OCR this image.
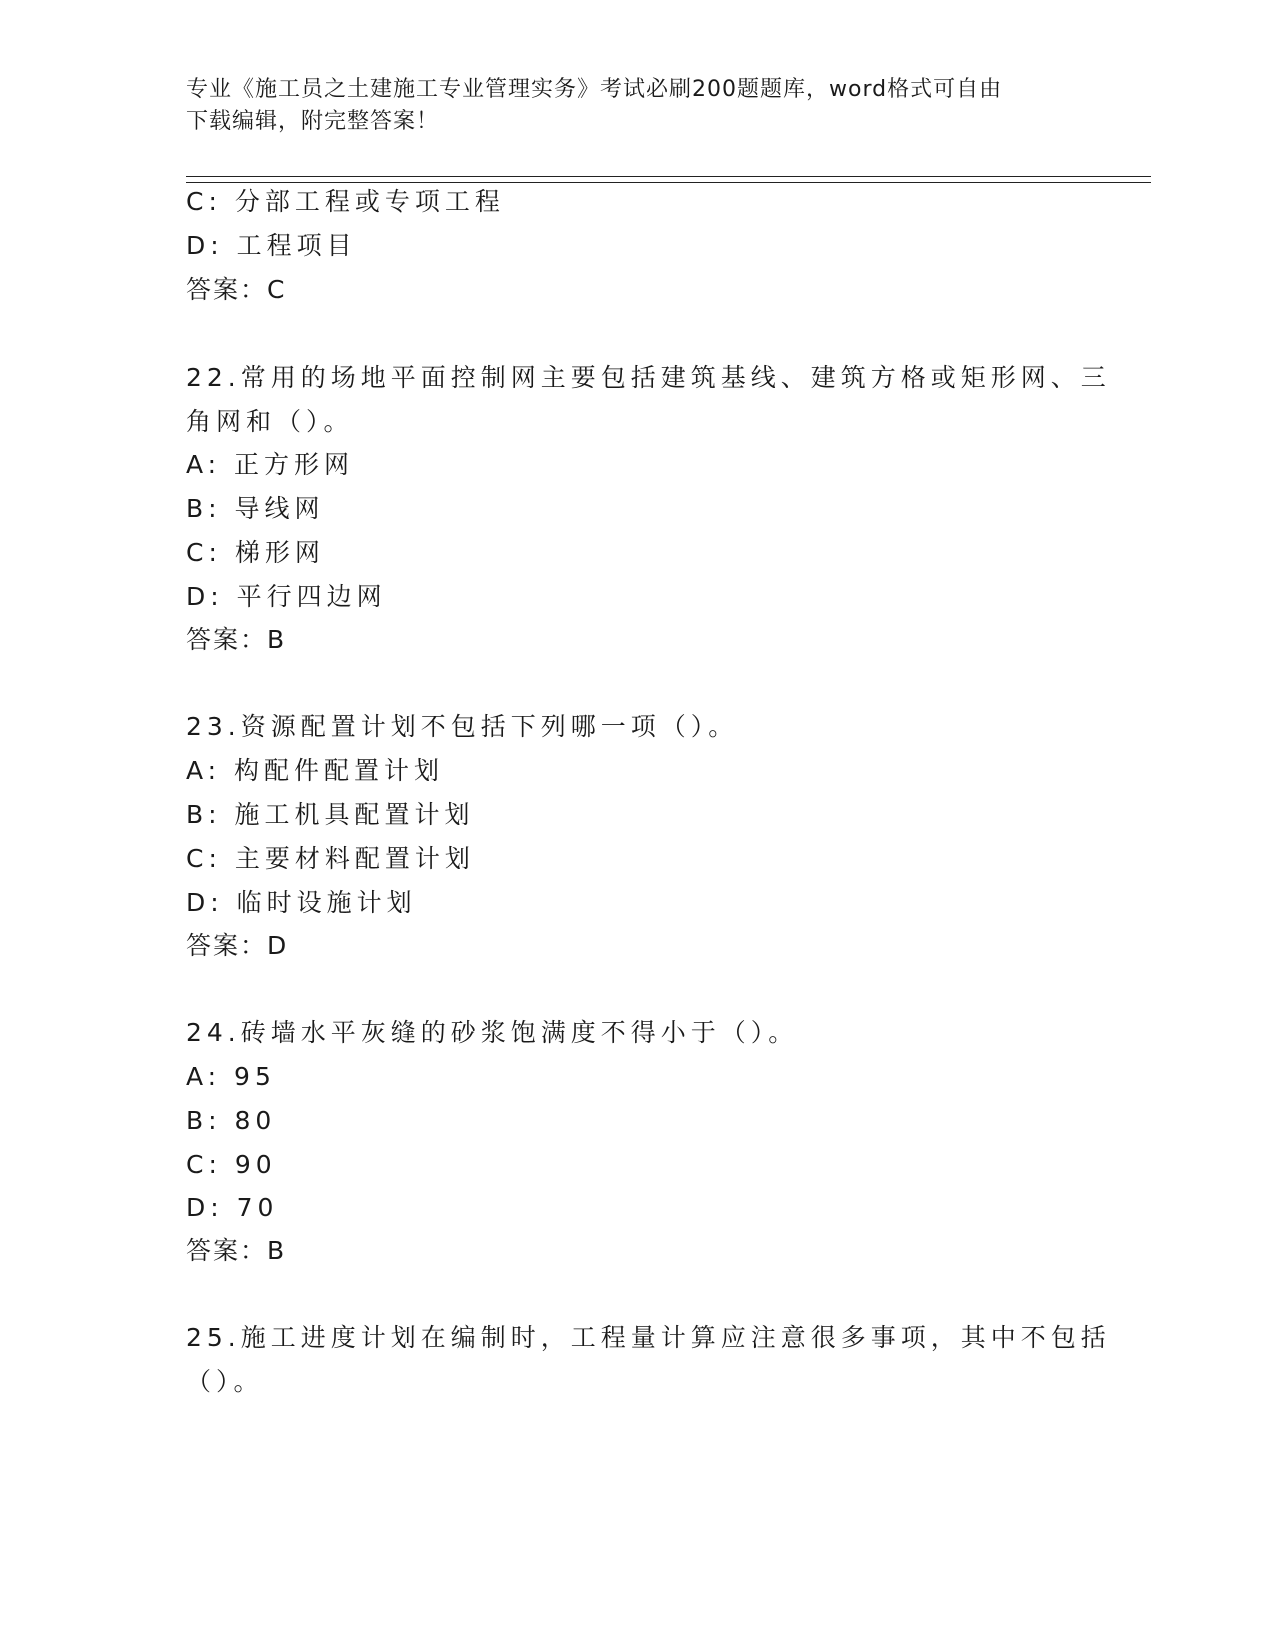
专业《施工员之土建施工专业管理实务》考试必刷200题题库，word格式可自由
下载编辑，附完整答案！
C: 分部工程或专项工程
D: 工程项目
答案：C
22.常用的场地平面控制网主要包括建筑基线、建筑方格或矩形网、三
角网和（）。
A: 正方形网
B: 导线网
C: 梯形网
D: 平行四边网
答案：B
23.资源配置计划不包括下列哪一项（）。
A: 构配件配置计划
B: 施工机具配置计划
C: 主要材料配置计划
D: 临时设施计划
答案：D
24.砖墙水平灰缝的砂浆饱满度不得小于（）。
A: 95
B: 80
C: 90
D: 70
答案：B
25.施工进度计划在编制时，工程量计算应注意很多事项，其中不包括
（）。
